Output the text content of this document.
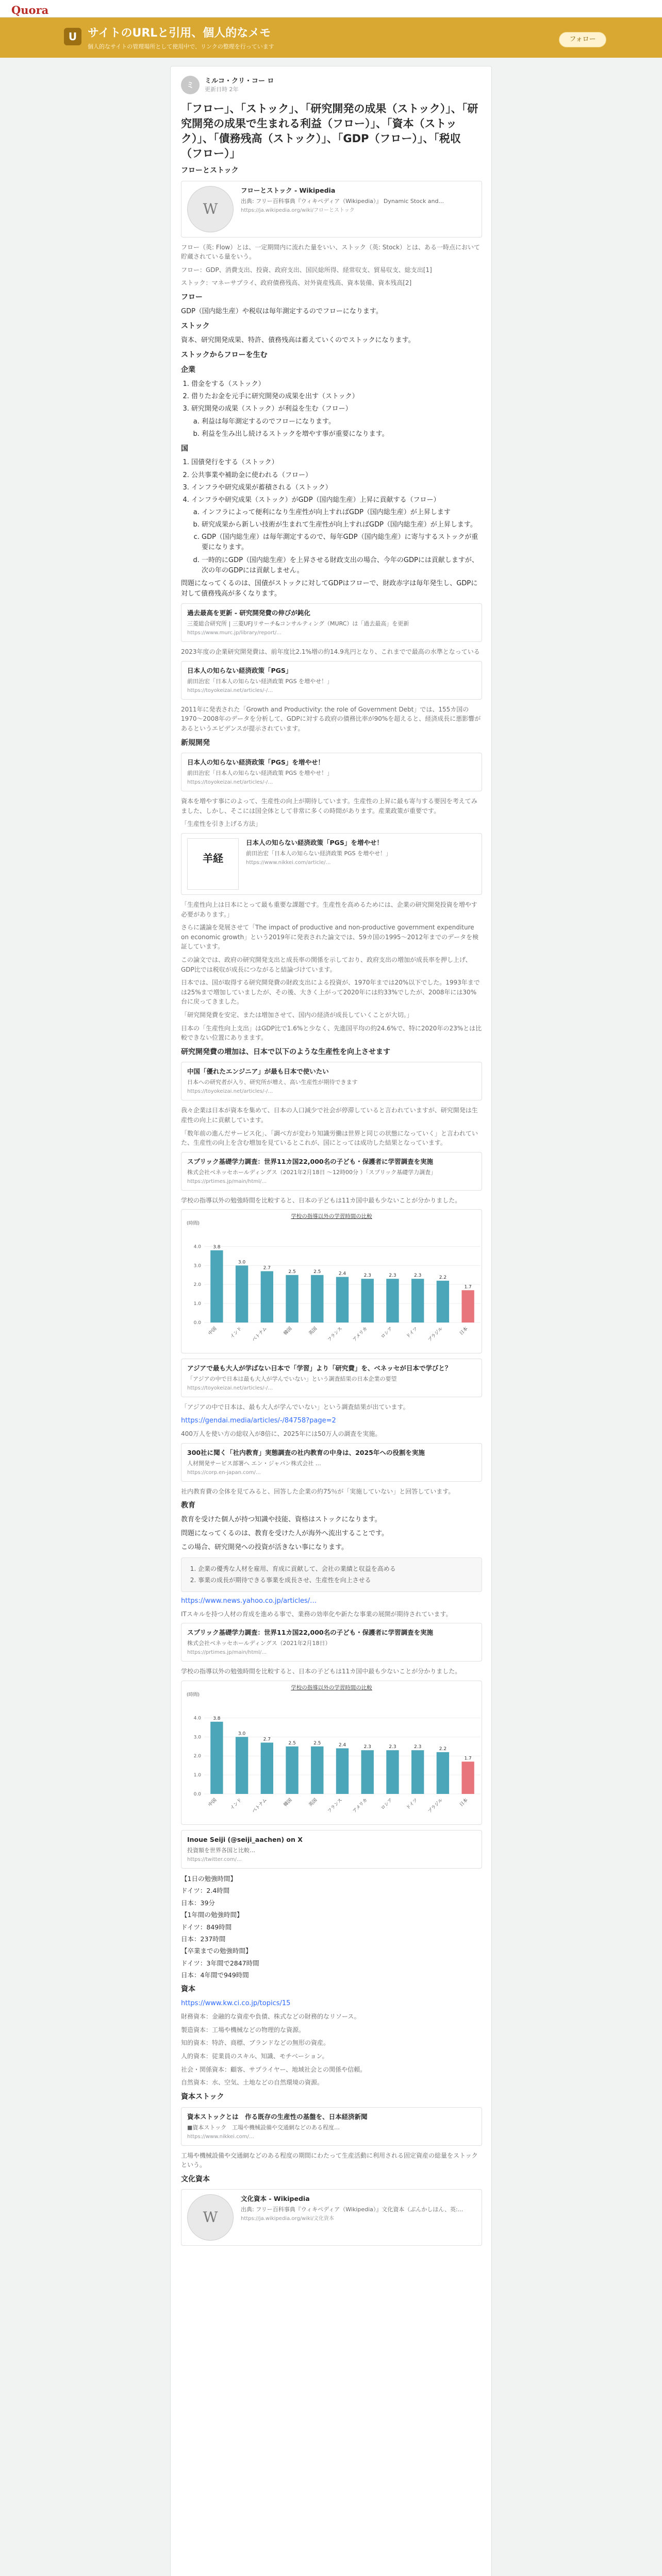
Quora
U サイトのURLと引用、個人的なメモ
個人的なサイトの管理場所として使用中で、リンクの整理を行っています
フォロー
ミ	ミルコ・クリ・コー ロ
更新日時 2年
「フロー」、「ストック」、「研究開発の成果（ストック）」、「研究開発の成果で生まれる利益（フロー）」、「資本（ストック）」、「債務残高（ストック）」、「GDP（フロー）」、「税収（フロー）」
フローとストック
W
フローとストック - Wikipedia
出典: フリー百科事典『ウィキペディア（Wikipedia）』 Dynamic Stock and...
https://ja.wikipedia.org/wiki/フローとストック

フロー（英: Flow）とは、一定期間内に流れた量をいい、ストック（英: Stock）とは、ある一時点において貯蔵されている量をいう。

フロー：GDP、消費支出、投資、政府支出、国民総所得、経常収支、貿易収支、総支出[1]

ストック：マネーサプライ、政府債務残高、対外資産残高、資本装備、資本残高[2]

フロー

GDP（国内総生産）や税収は毎年測定するのでフローになります。

ストック

資本、研究開発成果、特許、債務残高は蓄えていくのでストックになります。

ストックからフローを生む
企業
1. 借金をする（ストック）
2. 借りたお金を元手に研究開発の成果を出す（ストック）
3. 研究開発の成果（ストック）が利益を生む（フロー）
a. 利益は毎年測定するのでフローになります。
b. 利益を生み出し続けるストックを増やす事が重要になります。
国
1. 国債発行をする（ストック）
2. 公共事業や補助金に使われる（フロー）
3. インフラや研究成果が蓄積される（ストック）
4. インフラや研究成果（ストック）がGDP（国内総生産）上昇に貢献する（フロー）
a. インフラによって便利になり生産性が向上すればGDP（国内総生産）が上昇します
b. 研究成果から新しい技術が生まれて生産性が向上すればGDP（国内総生産）が上昇します。
c. GDP（国内総生産）は毎年測定するので、毎年GDP（国内総生産）に寄与するストックが重要になります。
d. 一時的にGDP（国内総生産）を上昇させる財政支出の場合、今年のGDPには貢献しますが、次の年のGDPには貢献しません。

問題になってくるのは、国債がストックに対してGDPはフローで、財政赤字は毎年発生し、GDPに対して債務残高が多くなります。

過去最高を更新 - 研究開発費の伸びが鈍化
三菱総合研究所 | 三菱UFJリサーチ&コンサルティング（MURC）は「過去最高」を更新
https://www.murc.jp/library/report/...

2023年度の企業研究開発費は、前年度比2.1%増の約14.9兆円となり、これまでで最高の水準となっている

日本人の知らない経済政策「PGS」
前田治宏「日本人の知らない経済政策 PGS を増やせ！」
https://toyokeizai.net/articles/-/…

2011年に発表された「Growth and Productivity: the role of Government Debt」では、155カ国の1970〜2008年のデータを分析して、GDPに対する政府の債務比率が90%を超えると、経済成長に悪影響があるというエビデンスが提示されています。

新規開発
日本人の知らない経済政策「PGS」を増やせ！
前田治宏「日本人の知らない経済政策 PGS を増やせ！」
https://toyokeizai.net/articles/-/…

資本を増やす事にのよって、生産性の向上が期待しています。生産性の上昇に最も寄与する要因を考えてみました、しかし、そこには国全体として非常に多くの時間があります。産業政策が重要です。

「生産性を引き上げる方法」

羊経
日本人の知らない経済政策「PGS」を増やせ！
前田治宏「日本人の知らない経済政策 PGS を増やせ！」
https://www.nikkei.com/article/…

「生産性向上は日本にとって最も重要な課題です。生産性を高めるためには、企業の研究開発投資を増やす必要があります。」

さらに議論を発展させて「The impact of productive and non-productive government expenditure on economic growth」という2019年に発表された論文では、59カ国の1995〜2012年までのデータを検証しています。

この論文では、政府の研究開発支出と成長率の関係を示しており、政府支出の増加が成長率を押し上げ、GDP比では税収が成長につながると結論づけています。

日本では、国が取得する研究開発費の財政支出による投資が、1970年までは20%以下でした。1993年までは25%まで増加していましたが、その後、大きく上がって2020年には約33%でしたが、2008年には30%台に戻ってきました。

「研究開発費を安定、または増加させて、国内の経済が成長していくことが大切。」

日本の「生産性向上支出」はGDP比で1.6%と少なく、先進国平均の約24.6%で、特に2020年の23%とは比較できない位置にありまます。

研究開発費の増加は、日本で以下のような生産性を向上させます
中国「優れたエンジニア」が最も日本で使いたい
日本への研究者が入り、研究所が増え、高い生産性が期待できます
https://toyokeizai.net/articles/-/…

我々企業は日本が資本を集めて、日本の人口減少で社会が停滞していると言われていますが、研究開発は生産性の向上に貢献しています。

「数年前の進んだサービス化」、「調べ方が変わり知識労働は世界と同じの状態になっていく」と言われていた、生産性の向上を含む増加を見ているとこれが、国にとっては成功した結果となっています。

スプリック基礎学力調査：世界11カ国22,000名の子ども・保護者に学習調査を実施
株式会社ベネッセホールディングス（2021年2月18日 ～12時00分 ）「スプリック基礎学力調査」
https://prtimes.jp/main/html/…

学校の指導以外の勉強時間を比較すると、日本の子どもは11カ国中最も少ないことが分かりました。

学校の指導以外の学習時間の比較
(時間)
0.0
1.0
2.0
3.0
4.0	3.8
中国
3.0
インド
2.7
ベトナム
2.5
韓国
2.5
英国
2.4
フランス
2.3
アメリカ
2.3
ロシア
2.3
ドイツ
2.2
ブラジル
1.7
日本
アジアで最も大人が学ばない日本で「学習」より「研究費」を、ベネッセが日本で学びと？
「アジアの中で日本は最も大人が学んでいない」という調査結果の日本企業の要望
https://toyokeizai.net/articles/-/…

「アジアの中で日本は、最も大人が学んでいない」という調査結果が出ています。

https://gendai.media/articles/-/84758?page=2

400万人を使い方の総収入が8倍に、2025年には50万人の調査を実施。

300社に聞く「社内教育」実態調査の社内教育の中身は、2025年への役割を実施
人材開発サービス部署へ エン・ジャパン株式会社 …
https://corp.en-japan.com/…

社内教育費の全体を見てみると、回答した企業の約75％が「実施していない」と回答しています。

教育

教育を受けた個人が持つ知識や技能、資格はストックになります。

問題になってくるのは、教育を受けた人が海外へ流出することです。

この場合、研究開発への投資が活きない事になります。

1. 企業の優秀な人材を雇用、育成に貢献して、会社の業績と収益を高める
2. 事業の成長が期待できる事業を成長させ、生産性を向上させる
https://www.news.yahoo.co.jp/articles/…

ITスキルを持つ人材の育成を進める事で、業務の効率化や新たな事業の展開が期待されています。

スプリック基礎学力調査：世界11カ国22,000名の子ども・保護者に学習調査を実施
株式会社ベネッセホールディングス（2021年2月18日）
https://prtimes.jp/main/html/…

学校の指導以外の勉強時間を比較すると、日本の子どもは11カ国中最も少ないことが分かりました。

学校の指導以外の学習時間の比較
(時間)
0.0
1.0
2.0
3.0
4.0	3.8
中国
3.0
インド
2.7
ベトナム
2.5
韓国
2.5
英国
2.4
フランス
2.3
アメリカ
2.3
ロシア
2.3
ドイツ
2.2
ブラジル
1.7
日本
Inoue Seiji (@seiji_aachen) on X
投資額を世界各国と比較…
https://twitter.com/…
【1日の勉強時間】
ドイツ：2.4時間
日本：39分
【1年間の勉強時間】
ドイツ：849時間
日本：237時間
【卒業までの勉強時間】
ドイツ：3年間で2847時間
日本：4年間で949時間
資本
https://www.kw.ci.co.jp/topics/15

財務資本：金融的な資産や負債、株式などの財務的なリソース。

製造資本：工場や機械などの物理的な資源。

知的資本：特許、商標、ブランドなどの無形の資産。

人的資本：従業員のスキル、知識、モチベーション。

社会・関係資本：顧客、サプライヤー、地域社会との関係や信頼。

自然資本：水、空気、土地などの自然環境の資源。

資本ストック
資本ストックとは　作る既存の生産性の基盤を、日本経済新聞
■資本ストック　工場や機械設備や交通網などのある程度…
https://www.nikkei.com/…

工場や機械設備や交通網などのある程度の期間にわたって生産活動に利用される固定資産の総量をストックという。

文化資本
W
文化資本 - Wikipedia
出典: フリー百科事典『ウィキペディア（Wikipedia）』文化資本（ぶんかしほん、英:...
https://ja.wikipedia.org/wiki/文化資本
